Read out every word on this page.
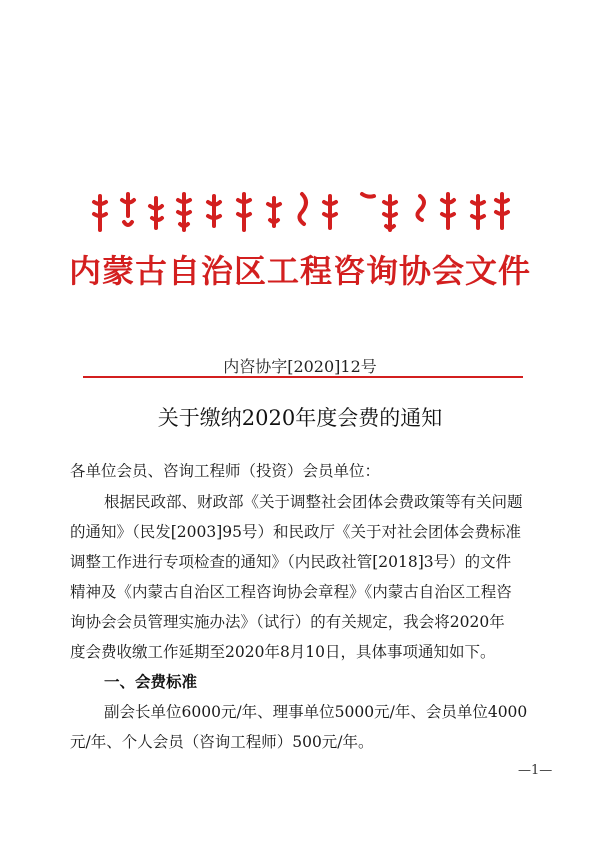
内蒙古自治区工程咨询协会文件
内咨协字[2020]12号
关于缴纳2020年度会费的通知
各单位会员、咨询工程师（投资）会员单位：
根据民政部、财政部《关于调整社会团体会费政策等有关问题
的通知》（民发[2003]95号）和民政厅《关于对社会团体会费标准
调整工作进行专项检查的通知》（内民政社管[2018]3号）的文件
精神及《内蒙古自治区工程咨询协会章程》《内蒙古自治区工程咨
询协会会员管理实施办法》（试行）的有关规定，我会将2020年
度会费收缴工作延期至2020年8月10日，具体事项通知如下。
一、会费标准
副会长单位6000元/年、理事单位5000元/年、会员单位4000
元/年、个人会员（咨询工程师）500元/年。
—1—
